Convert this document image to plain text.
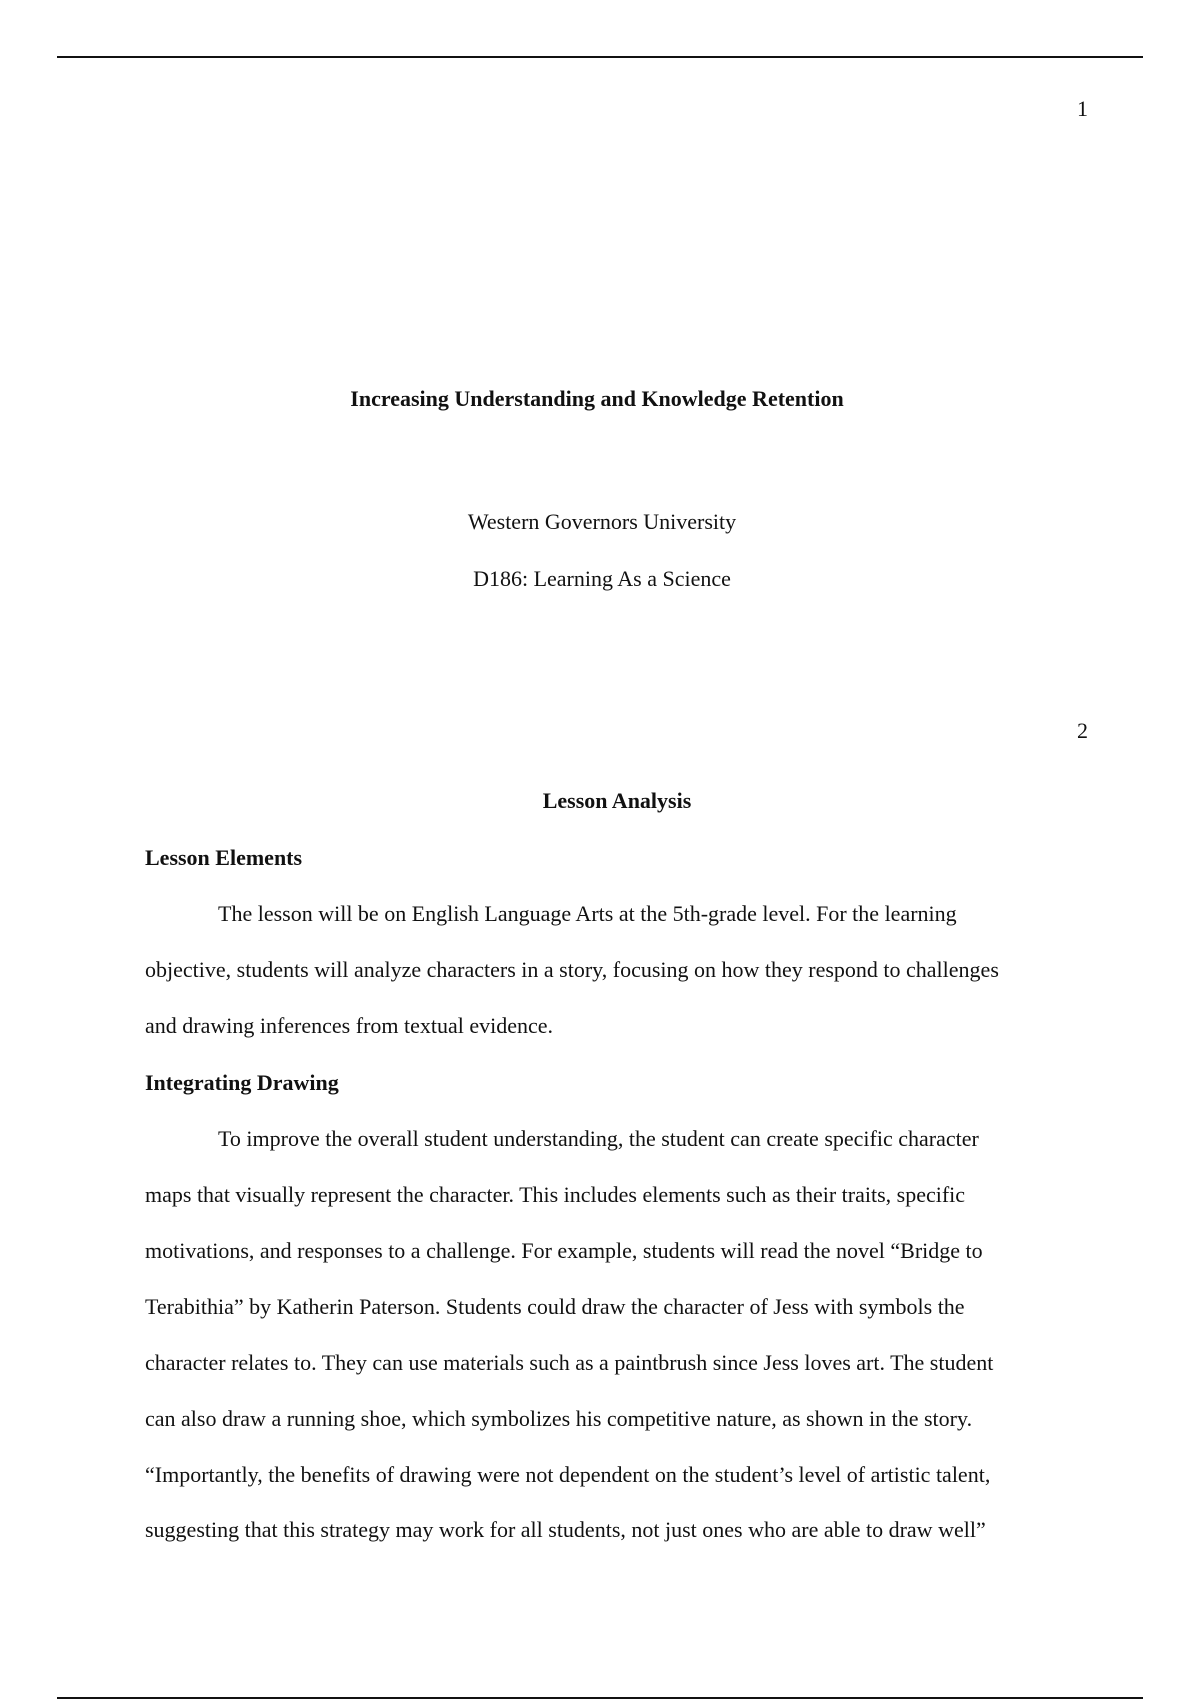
1
Increasing Understanding and Knowledge Retention
Western Governors University
D186: Learning As a Science
2
Lesson Analysis
Lesson Elements
The lesson will be on English Language Arts at the 5th-grade level. For the learning
objective, students will analyze characters in a story, focusing on how they respond to challenges
and drawing inferences from textual evidence.
Integrating Drawing
To improve the overall student understanding, the student can create specific character
maps that visually represent the character. This includes elements such as their traits, specific
motivations, and responses to a challenge. For example, students will read the novel “Bridge to
Terabithia” by Katherin Paterson. Students could draw the character of Jess with symbols the
character relates to. They can use materials such as a paintbrush since Jess loves art. The student
can also draw a running shoe, which symbolizes his competitive nature, as shown in the story.
“Importantly, the benefits of drawing were not dependent on the student’s level of artistic talent,
suggesting that this strategy may work for all students, not just ones who are able to draw well”
